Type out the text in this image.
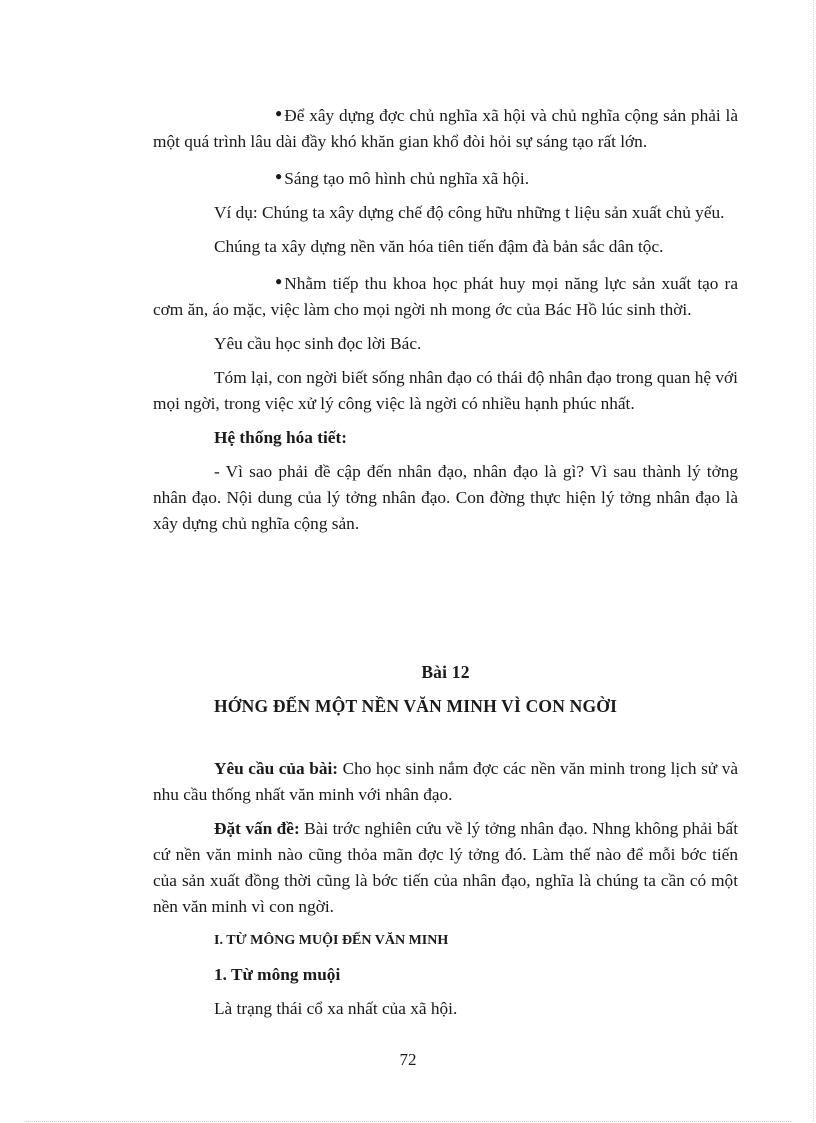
● Để xây dựng đợc chủ nghĩa xã hội và chủ nghĩa cộng sản phải là một quá trình lâu dài đầy khó khăn gian khổ đòi hỏi sự sáng tạo rất lớn.

● Sáng tạo mô hình chủ nghĩa xã hội.

Ví dụ: Chúng ta xây dựng chế độ công hữu những t liệu sản xuất chủ yếu.

Chúng ta xây dựng nền văn hóa tiên tiến đậm đà bản sắc dân tộc.

● Nhằm tiếp thu khoa học phát huy mọi năng lực sản xuất tạo ra cơm ăn, áo mặc, việc làm cho mọi ngời nh mong ớc của Bác Hồ lúc sinh thời.

Yêu cầu học sinh đọc lời Bác.

Tóm lại, con ngời biết sống nhân đạo có thái độ nhân đạo trong quan hệ với mọi ngời, trong việc xử lý công việc là ngời có nhiều hạnh phúc nhất.

Hệ thống hóa tiết:

- Vì sao phải đề cập đến nhân đạo, nhân đạo là gì? Vì sau thành lý tởng nhân đạo. Nội dung của lý tởng nhân đạo. Con đờng thực hiện lý tởng nhân đạo là xây dựng chủ nghĩa cộng sản.

Bài 12

HỚNG ĐẾN MỘT NỀN VĂN MINH VÌ CON NGỜI

Yêu cầu của bài: Cho học sinh nắm đợc các nền văn minh trong lịch sử và nhu cầu thống nhất văn minh với nhân đạo.

Đặt vấn đề: Bài trớc nghiên cứu về lý tởng nhân đạo. Nhng không phải bất cứ nền văn minh nào cũng thỏa mãn đợc lý tởng đó. Làm thế nào để mỗi bớc tiến của sản xuất đồng thời cũng là bớc tiến của nhân đạo, nghĩa là chúng ta cần có một nền văn minh vì con ngời.

I. TỪ MÔNG MUỘI ĐẾN VĂN MINH

1. Từ mông muội

Là trạng thái cổ xa nhất của xã hội.

72
